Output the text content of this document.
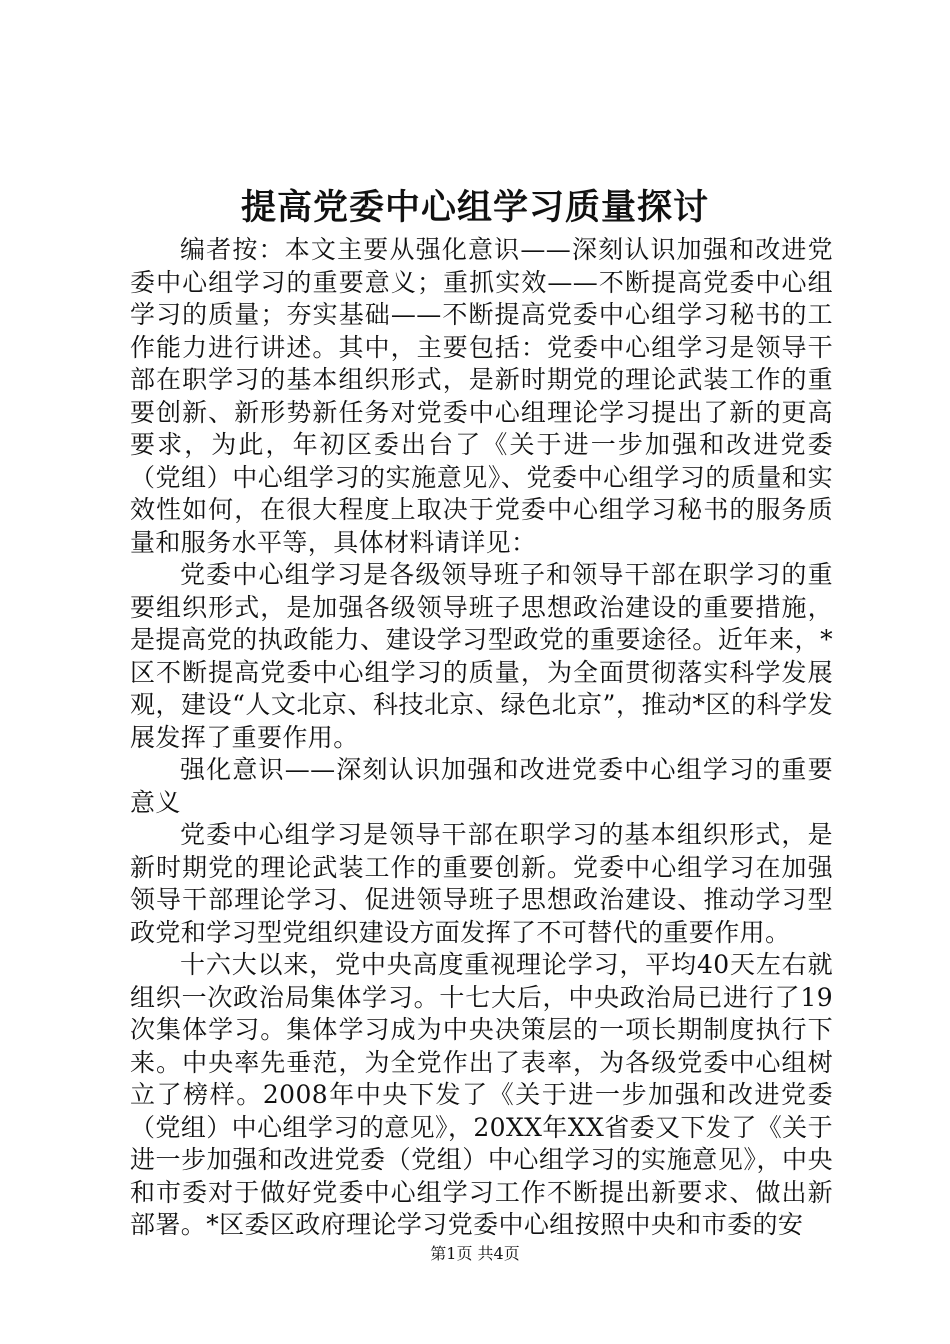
提高党委中心组学习质量探讨

编者按：本文主要从强化意识——深刻认识加强和改进党委中心组学习的重要意义；重抓实效——不断提高党委中心组学习的质量；夯实基础——不断提高党委中心组学习秘书的工作能力进行讲述。其中，主要包括：党委中心组学习是领导干部在职学习的基本组织形式，是新时期党的理论武装工作的重要创新、新形势新任务对党委中心组理论学习提出了新的更高要求，为此，年初区委出台了《关于进一步加强和改进党委（党组）中心组学习的实施意见》、党委中心组学习的质量和实效性如何，在很大程度上取决于党委中心组学习秘书的服务质量和服务水平等，具体材料请详见：

党委中心组学习是各级领导班子和领导干部在职学习的重要组织形式，是加强各级领导班子思想政治建设的重要措施，是提高党的执政能力、建设学习型政党的重要途径。近年来，*区不断提高党委中心组学习的质量，为全面贯彻落实科学发展观，建设“人文北京、科技北京、绿色北京”，推动*区的科学发展发挥了重要作用。

强化意识——深刻认识加强和改进党委中心组学习的重要意义

党委中心组学习是领导干部在职学习的基本组织形式，是新时期党的理论武装工作的重要创新。党委中心组学习在加强领导干部理论学习、促进领导班子思想政治建设、推动学习型政党和学习型党组织建设方面发挥了不可替代的重要作用。

十六大以来，党中央高度重视理论学习，平均40天左右就组织一次政治局集体学习。十七大后，中央政治局已进行了19次集体学习。集体学习成为中央决策层的一项长期制度执行下来。中央率先垂范，为全党作出了表率，为各级党委中心组树立了榜样。2008年中央下发了《关于进一步加强和改进党委（党组）中心组学习的意见》，20XX年XX省委又下发了《关于进一步加强和改进党委（党组）中心组学习的实施意见》，中央和市委对于做好党委中心组学习工作不断提出新要求、做出新部署。*区委区政府理论学习党委中心组按照中央和市委的安

第1页 共4页
